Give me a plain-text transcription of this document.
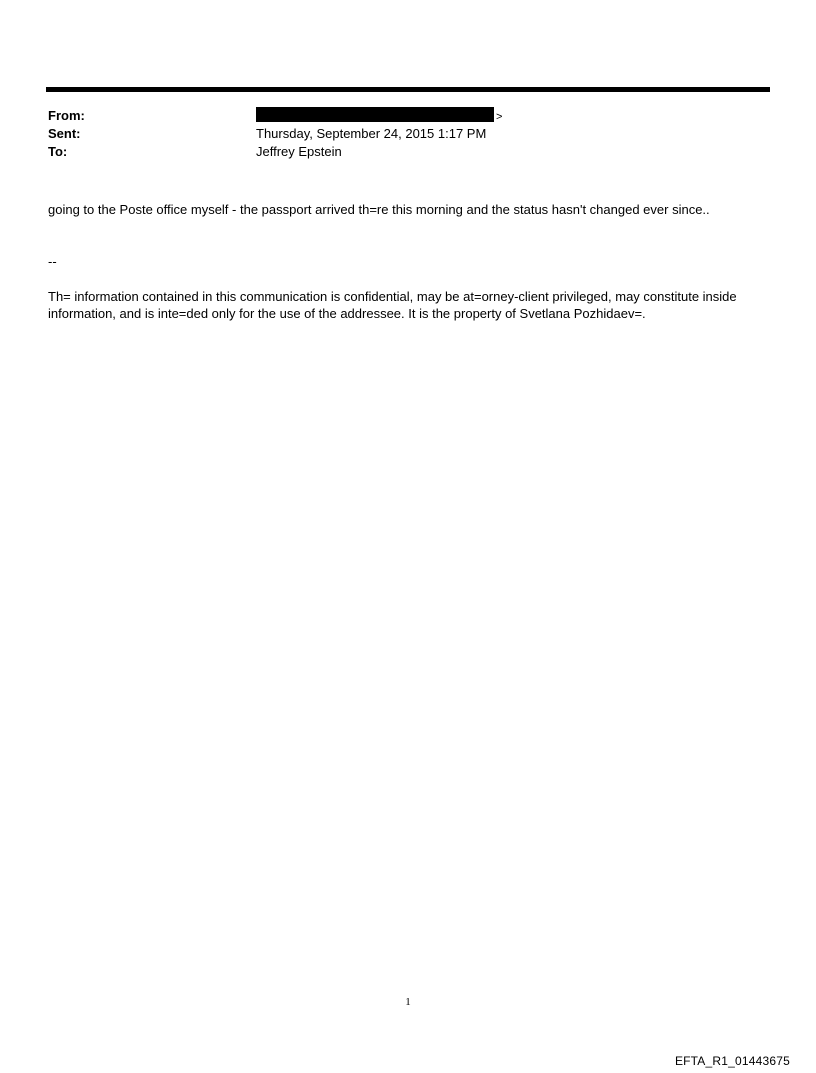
From:	>
Sent:	Thursday, September 24, 2015 1:17 PM
To:	Jeffrey Epstein

going to the Poste office myself - the passport arrived th=re this morning and the status hasn't changed ever since..

--

Th= information contained in this communication is confidential, may be at=orney-client privileged, may constitute inside information, and is inte=ded only for the use of the addressee. It is the property of Svetlana Pozhidaev=.

1
EFTA_R1_01443675
